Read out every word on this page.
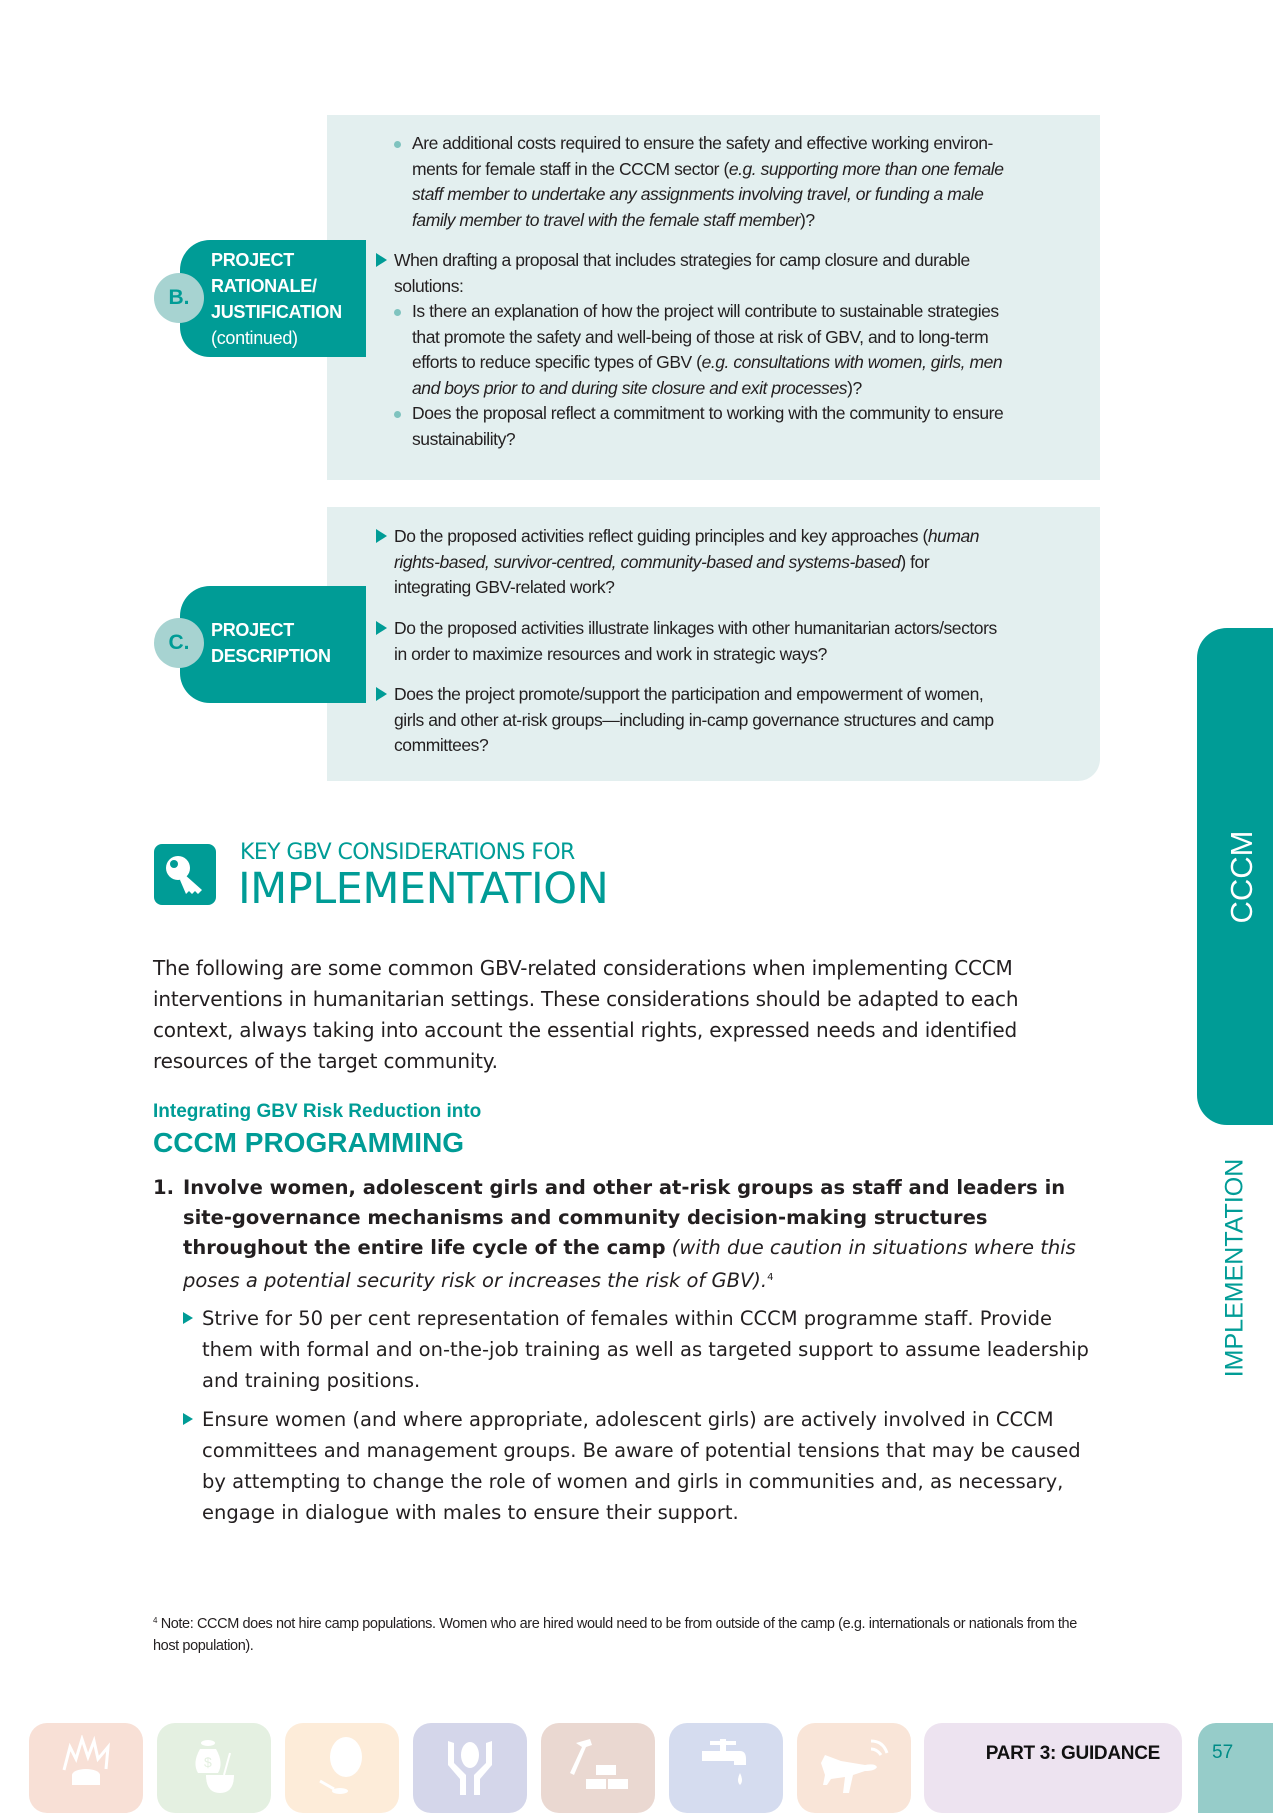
PROJECT
RATIONALE/
JUSTIFICATION
(continued)
B.
Are additional costs required to ensure the safety and effective working environ-
ments for female staff in the CCCM sector (e.g. supporting more than one female
staff member to undertake any assignments involving travel, or funding a male
family member to travel with the female staff member)?
When drafting a proposal that includes strategies for camp closure and durable
solutions:
Is there an explanation of how the project will contribute to sustainable strategies
that promote the safety and well-being of those at risk of GBV, and to long-term
efforts to reduce specific types of GBV (e.g. consultations with women, girls, men
and boys prior to and during site closure and exit processes)?
Does the proposal reflect a commitment to working with the community to ensure
sustainability?
PROJECT
DESCRIPTION
C.
Do the proposed activities reflect guiding principles and key approaches (human
rights-based, survivor-centred, community-based and systems-based) for
integrating GBV-related work?
Do the proposed activities illustrate linkages with other humanitarian actors/sectors
in order to maximize resources and work in strategic ways?
Does the project promote/support the participation and empowerment of women,
girls and other at-risk groups—including in-camp governance structures and camp
committees?
KEY GBV CONSIDERATIONS FOR
IMPLEMENTATION
The following are some common GBV-related considerations when implementing CCCM interventions in humanitarian settings. These considerations should be adapted to each context, always taking into account the essential rights, expressed needs and identified resources of the target community.
Integrating GBV Risk Reduction into
CCCM PROGRAMMING
1. Involve women, adolescent girls and other at-risk groups as staff and leaders in site-governance mechanisms and community decision-making structures throughout the entire life cycle of the camp (with due caution in situations where this poses a potential security risk or increases the risk of GBV).$^4$
Strive for 50 per cent representation of females within CCCM programme staff. Provide them with formal and on-the-job training as well as targeted support to assume leadership and training positions.
Ensure women (and where appropriate, adolescent girls) are actively involved in CCCM committees and management groups. Be aware of potential tensions that may be caused by attempting to change the role of women and girls in communities and, as necessary, engage in dialogue with males to ensure their support.
$^4$ Note: CCCM does not hire camp populations. Women who are hired would need to be from outside of the camp (e.g. internationals or nationals from the host population).
CCCM
IMPLEMENTATION
$	PART 3: GUIDANCE	57
